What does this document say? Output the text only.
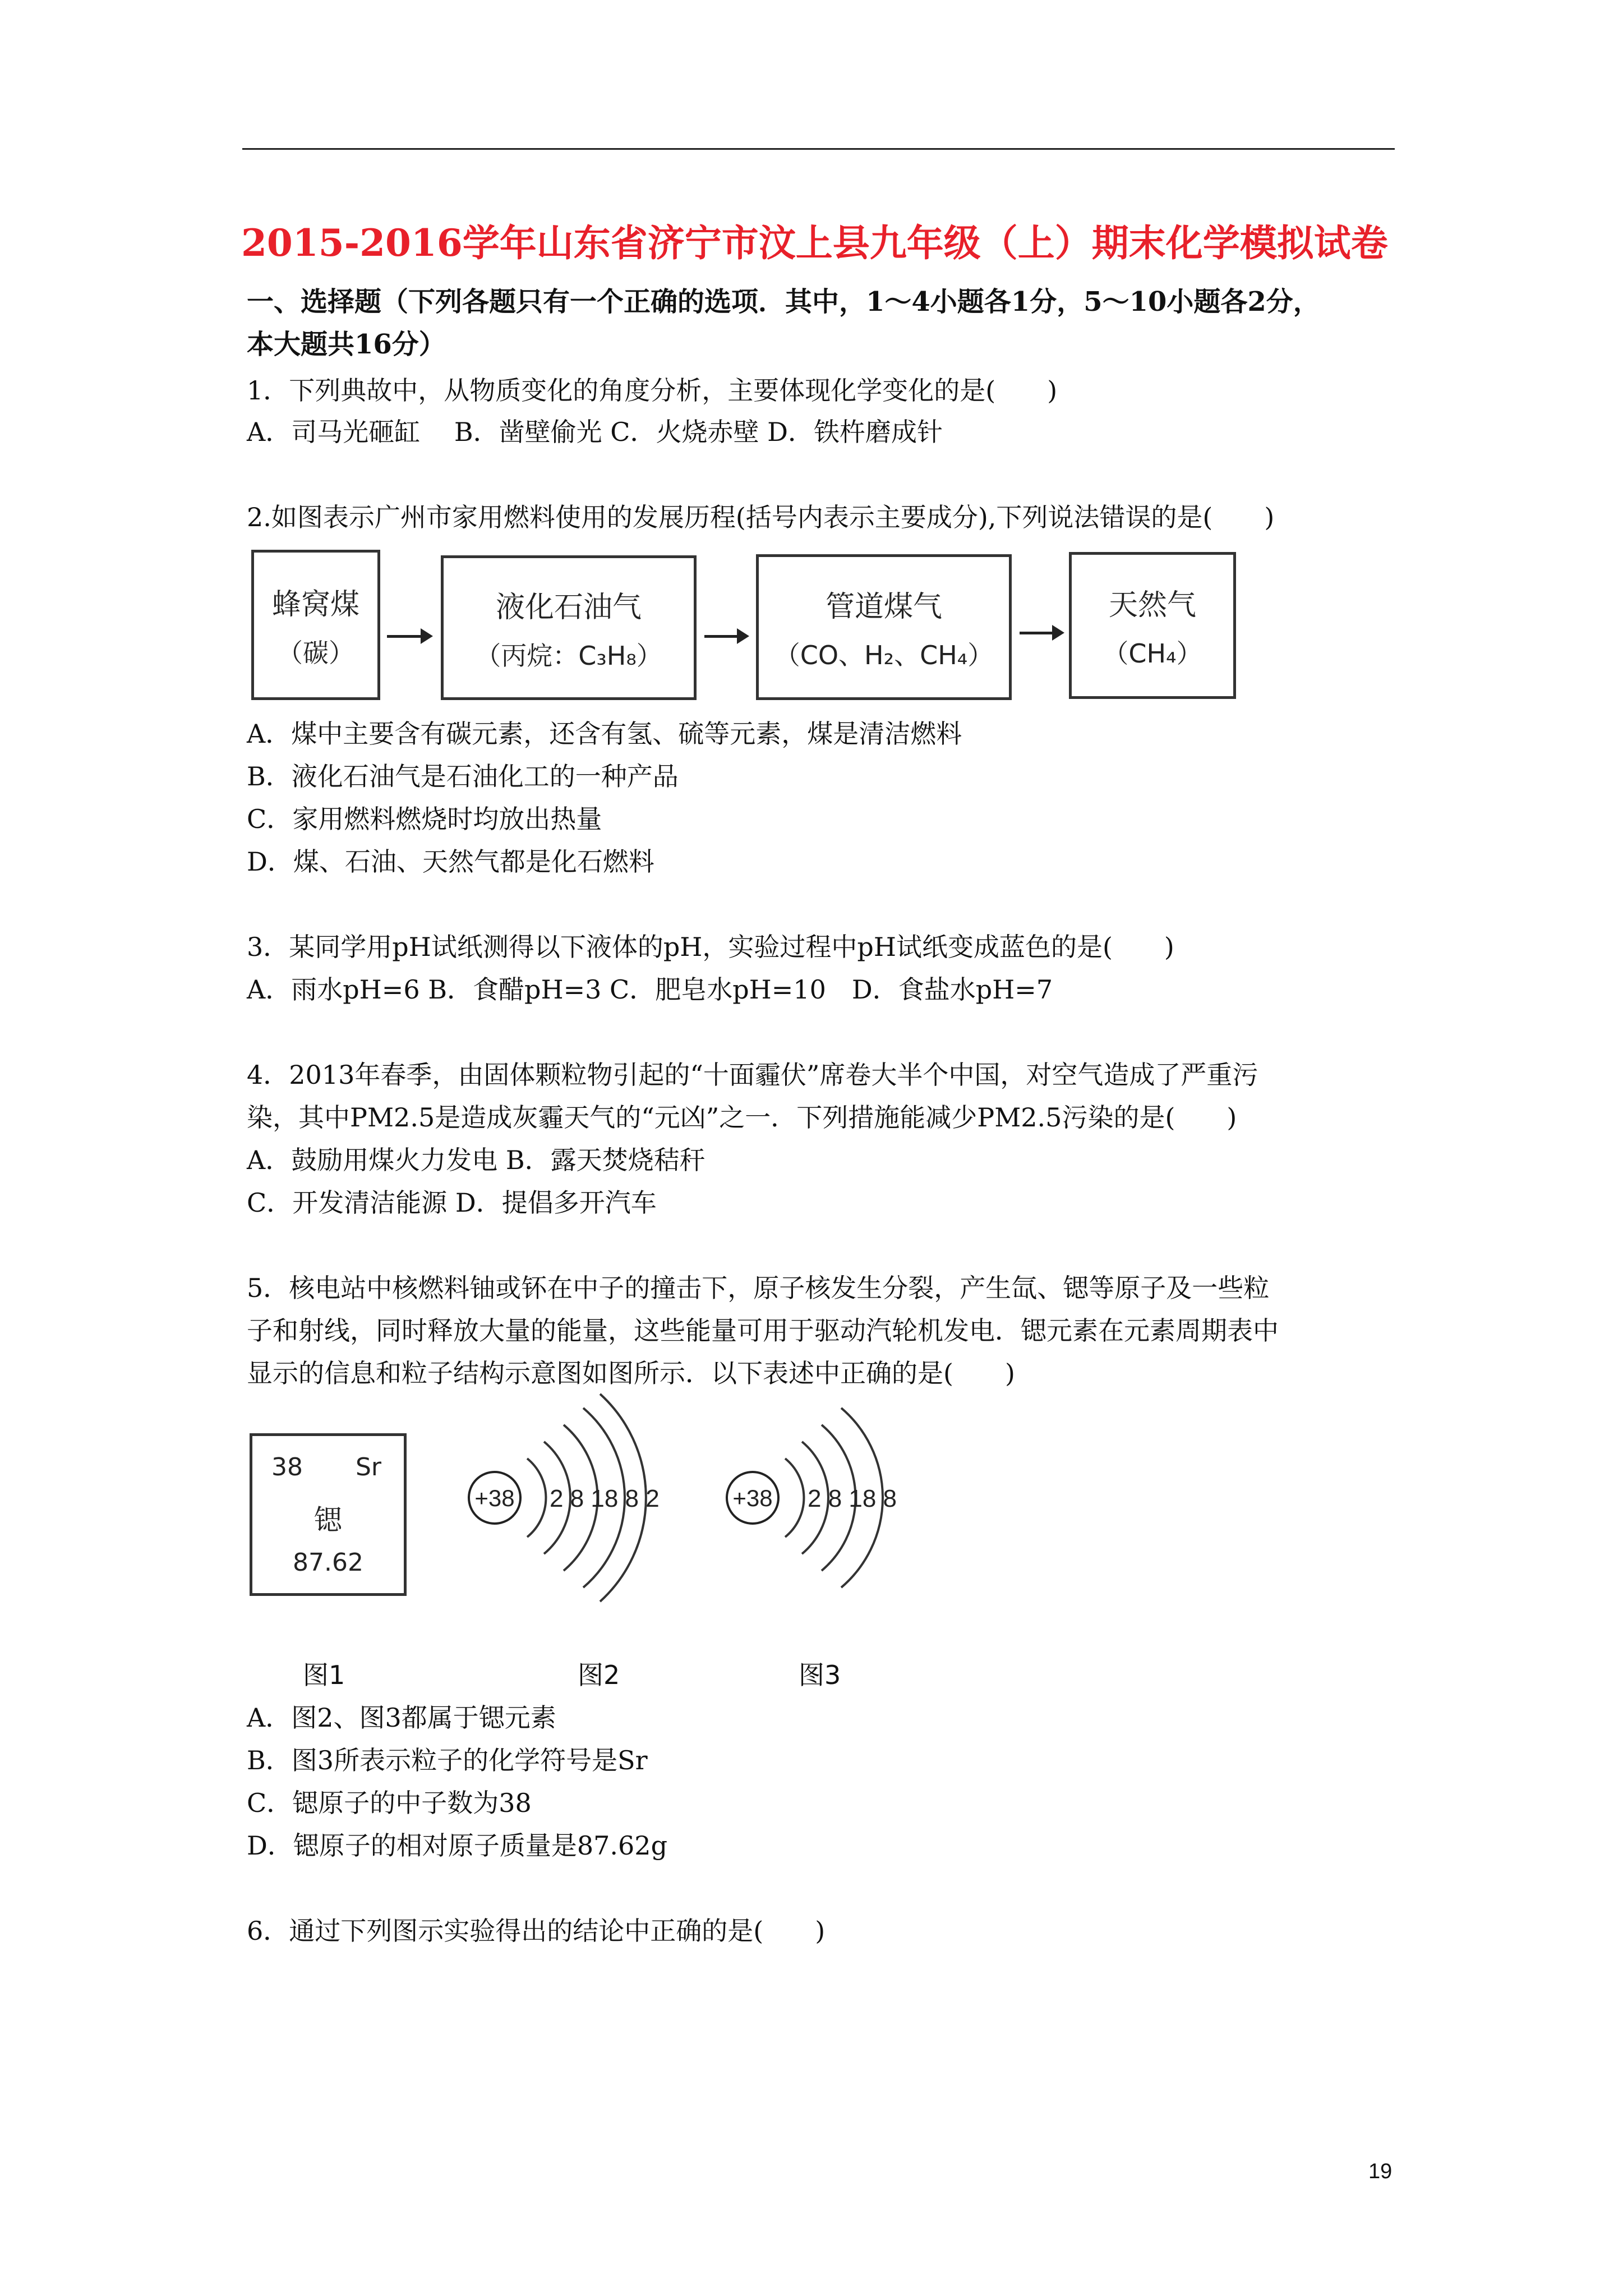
2015-2016学年山东省济宁市汶上县九年级（上）期末化学模拟试卷
一、选择题（下列各题只有一个正确的选项．其中，1～4小题各1分，5～10小题各2分，
本大题共16分）
1．下列典故中，从物质变化的角度分析，主要体现化学变化的是(　　)
A．司马光砸缸　 B．凿壁偷光 C．火烧赤壁 D．铁杵磨成针
2.如图表示广州市家用燃料使用的发展历程(括号内表示主要成分),下列说法错误的是(　　)
蜂窝煤
（碳）
液化石油气
（丙烷：C₃H₈）
管道煤气
（CO、H₂、CH₄）
天然气
（CH₄）
A．煤中主要含有碳元素，还含有氢、硫等元素，煤是清洁燃料
B．液化石油气是石油化工的一种产品
C．家用燃料燃烧时均放出热量
D．煤、石油、天然气都是化石燃料
3．某同学用pH试纸测得以下液体的pH，实验过程中pH试纸变成蓝色的是(　　)
A．雨水pH=6 B．食醋pH=3 C．肥皂水pH=10　D．食盐水pH=7
4．2013年春季，由固体颗粒物引起的“十面霾伏”席卷大半个中国，对空气造成了严重污
染，其中PM2.5是造成灰霾天气的“元凶”之一．下列措施能减少PM2.5污染的是(　　)
A．鼓励用煤火力发电 B．露天焚烧秸秆
C．开发清洁能源 D．提倡多开汽车
5．核电站中核燃料铀或钚在中子的撞击下，原子核发生分裂，产生氙、锶等原子及一些粒
子和射线，同时释放大量的能量，这些能量可用于驱动汽轮机发电．锶元素在元素周期表中
显示的信息和粒子结构示意图如图所示．以下表述中正确的是(　　)
38 Sr
锶
87.62
+38 2 8 18 8 2	+38 2 8 18 8
图1	图2	图3
A．图2、图3都属于锶元素
B．图3所表示粒子的化学符号是Sr
C．锶原子的中子数为38
D．锶原子的相对原子质量是87.62g
6．通过下列图示实验得出的结论中正确的是(　　)
19
